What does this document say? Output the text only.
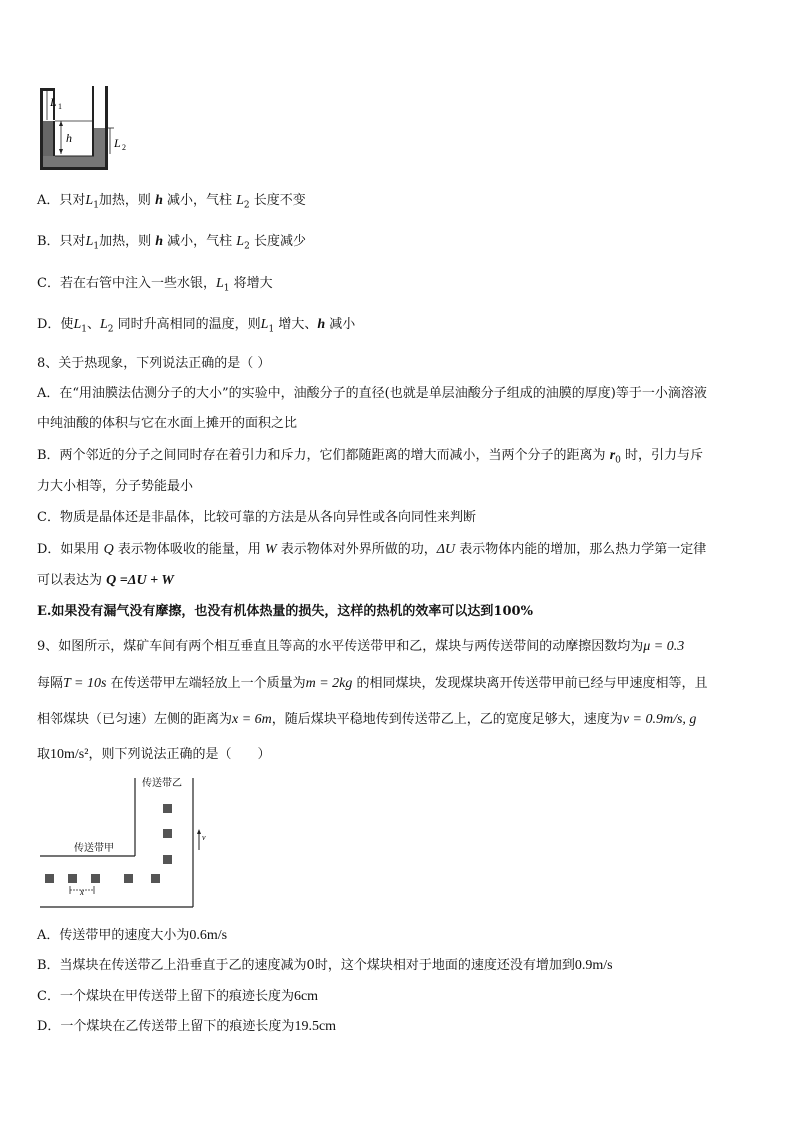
L 1
h	L 2
A．只对$L_1$加热，则 h 减小，气柱 $L_2$ 长度不变
B．只对$L_1$加热，则 h 减小，气柱 $L_2$ 长度减少
C．若在右管中注入一些水银，$L_1$ 将增大
D．使$L_1$、$L_2$ 同时升高相同的温度，则$L_1$ 增大、h 减小
8、关于热现象，下列说法正确的是（ ）
A．在“用油膜法估测分子的大小”的实验中，油酸分子的直径(也就是单层油酸分子组成的油膜的厚度)等于一小滴溶液
中纯油酸的体积与它在水面上摊开的面积之比
B．两个邻近的分子之间同时存在着引力和斥力，它们都随距离的增大而减小，当两个分子的距离为 $r_0$ 时，引力与斥
力大小相等，分子势能最小
C．物质是晶体还是非晶体，比较可靠的方法是从各向异性或各向同性来判断
D．如果用 Q 表示物体吸收的能量，用 W 表示物体对外界所做的功，ΔU 表示物体内能的增加，那么热力学第一定律
可以表达为 Q =ΔU + W
E.如果没有漏气没有摩擦，也没有机体热量的损失，这样的热机的效率可以达到100%
9、如图所示，煤矿车间有两个相互垂直且等高的水平传送带甲和乙，煤块与两传送带间的动摩擦因数均为μ = 0.3
每隔T = 10s 在传送带甲左端轻放上一个质量为m = 2kg 的相同煤块，发现煤块离开传送带甲前已经与甲速度相等，且
相邻煤块（已匀速）左侧的距离为x = 6m，随后煤块平稳地传到传送带乙上，乙的宽度足够大，速度为v = 0.9m/s, g
取10m/s²，则下列说法正确的是（　　）
传送带乙
传送带甲
x
v
A．传送带甲的速度大小为0.6m/s
B．当煤块在传送带乙上沿垂直于乙的速度减为0时，这个煤块相对于地面的速度还没有增加到0.9m/s
C．一个煤块在甲传送带上留下的痕迹长度为6cm
D．一个煤块在乙传送带上留下的痕迹长度为19.5cm
